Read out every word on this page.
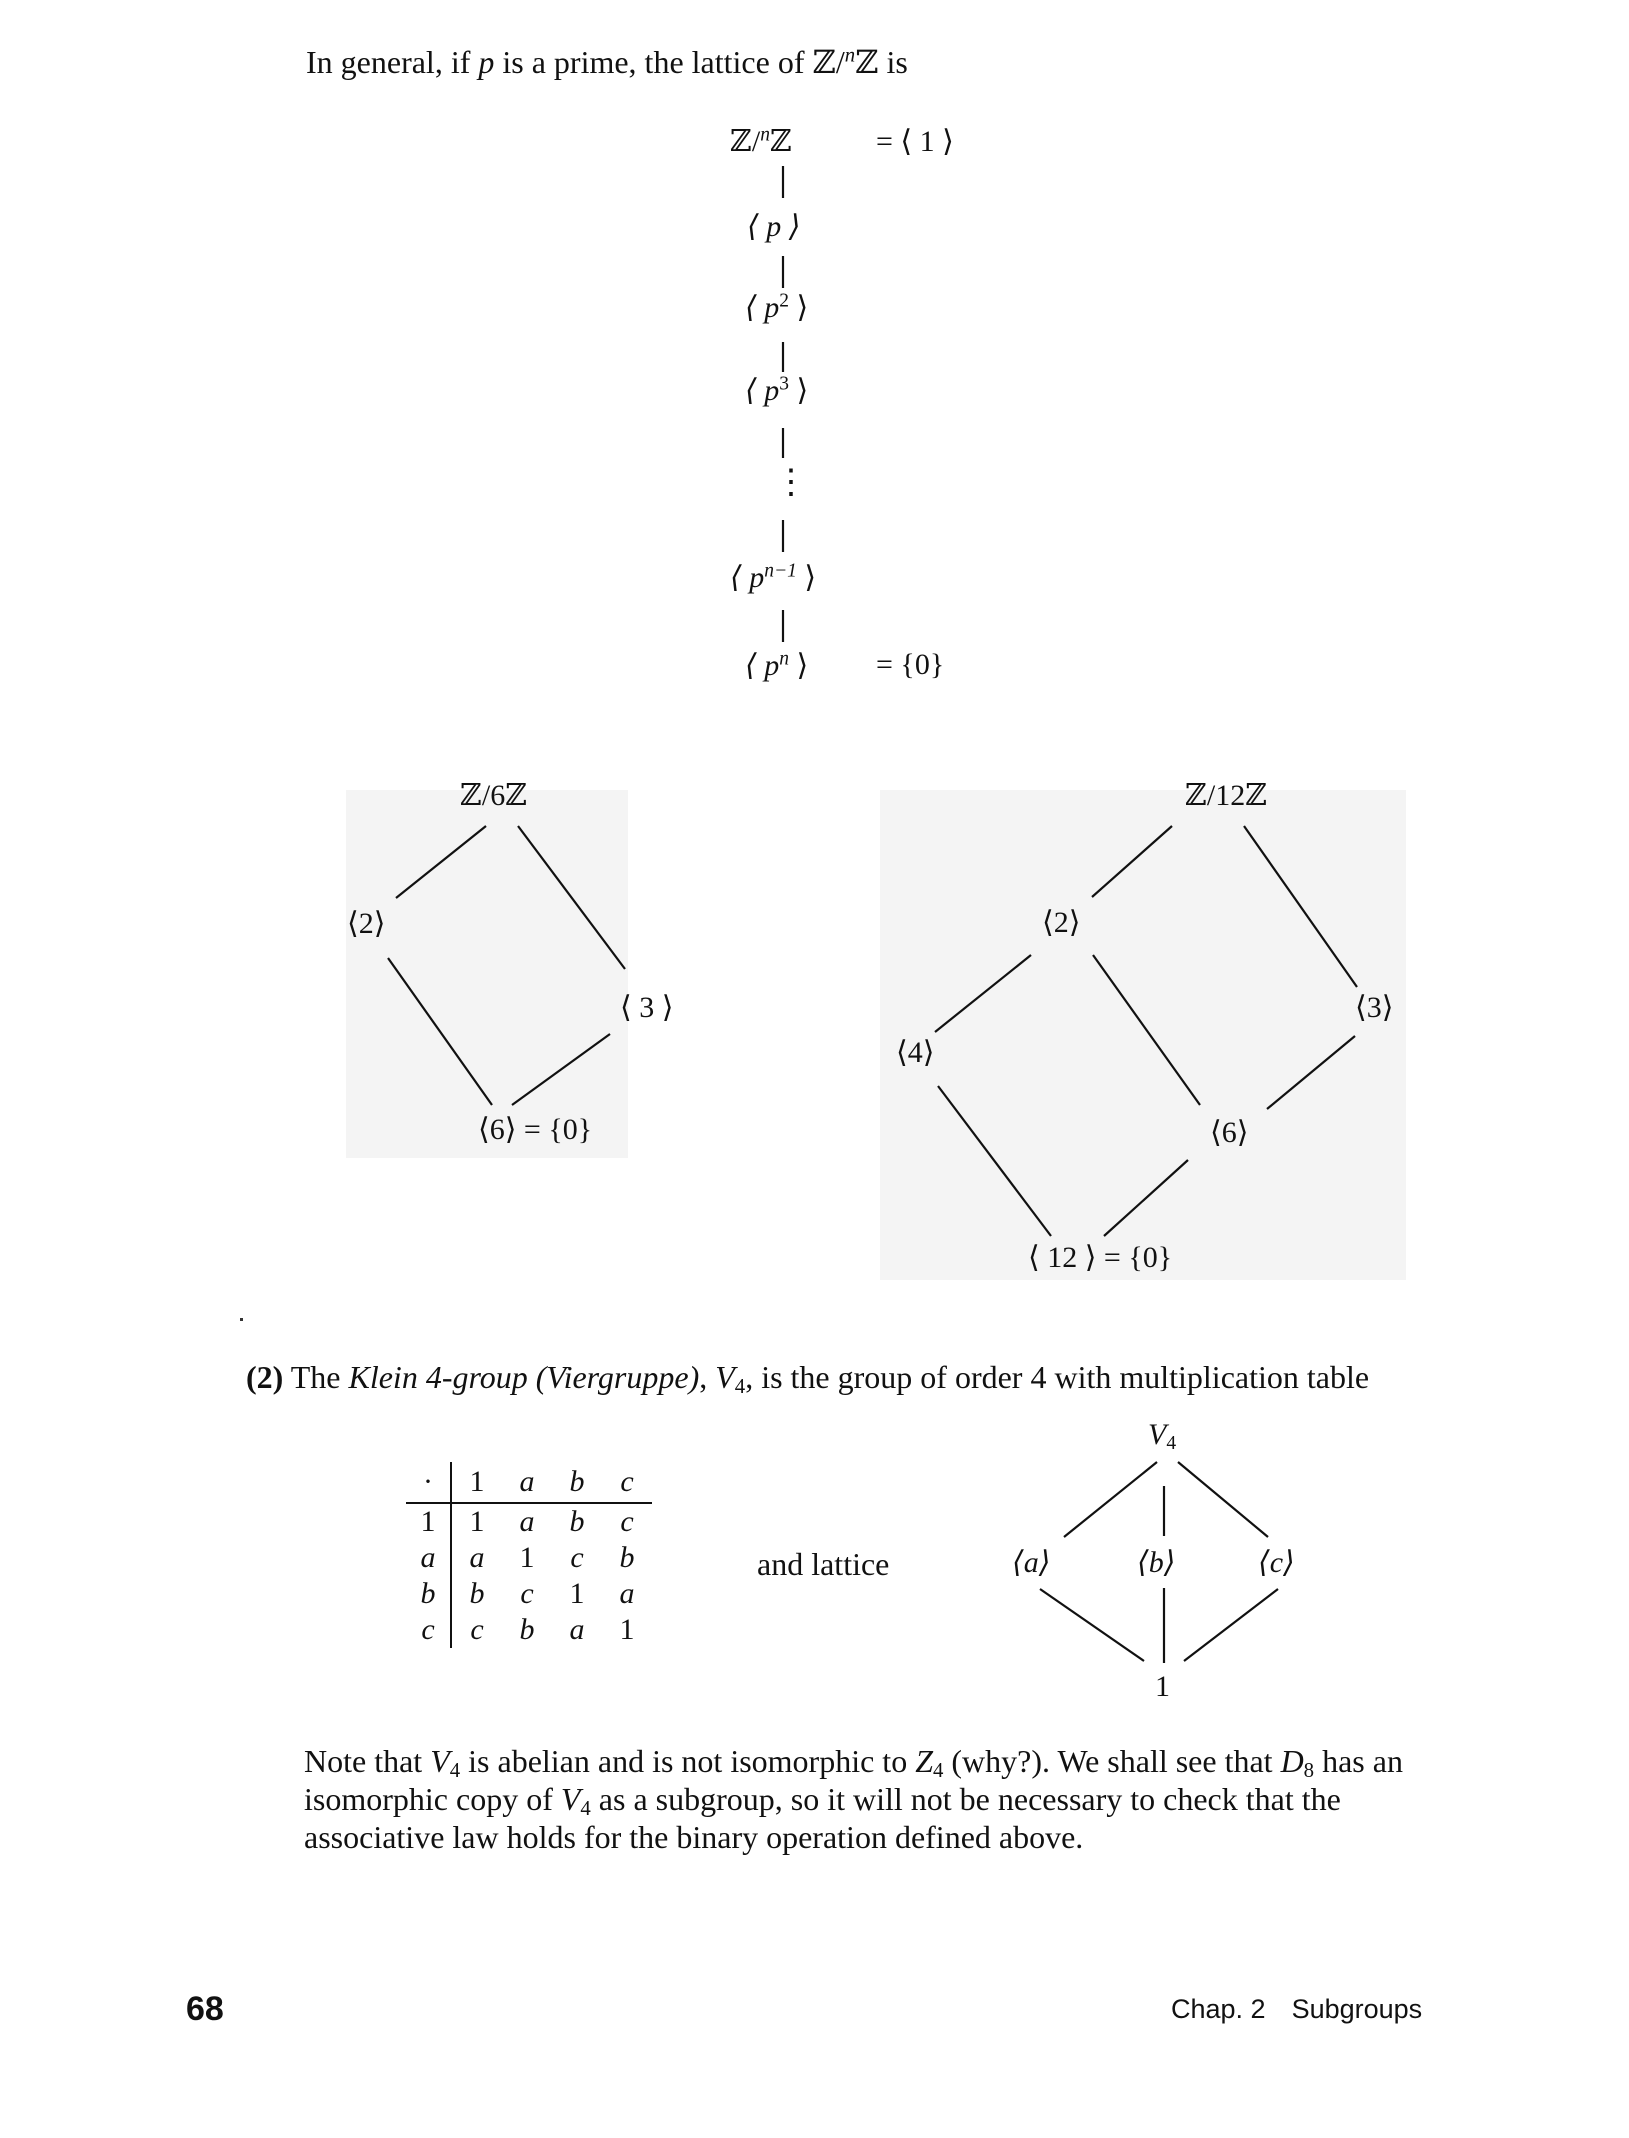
In general, if p is a prime, the lattice of ℤ/$^n$ℤ is
ℤ/$^n$ℤ	= ⟨ 1 ⟩
⟨ p ⟩
⟨ $p^2$ ⟩
⟨ $p^3$ ⟩
⋮
⟨ $p^{n-1}$ ⟩
⟨ $p^n$ ⟩ = {0}
ℤ/6ℤ
⟨2⟩
⟨ 3 ⟩
⟨6⟩ = {0}
ℤ/12ℤ
⟨2⟩
⟨3⟩
⟨4⟩
⟨6⟩
⟨ 12 ⟩ = {0}
(2) The Klein 4-group (Viergruppe), $V_4$, is the group of order 4 with multiplication table
·	1	a	b	c
1	1	a	b	c
a	a	1	c	b
b	b	c	1	a
c	c	b	a	1
and lattice
$V_4$
⟨a⟩	⟨b⟩	⟨c⟩
1
Note that $V_4$ is abelian and is not isomorphic to $Z_4$ (why?). We shall see that $D_8$ has an isomorphic copy of $V_4$ as a subgroup, so it will not be necessary to check that the associative law holds for the binary operation defined above.
68	Chap. 2 Subgroups
